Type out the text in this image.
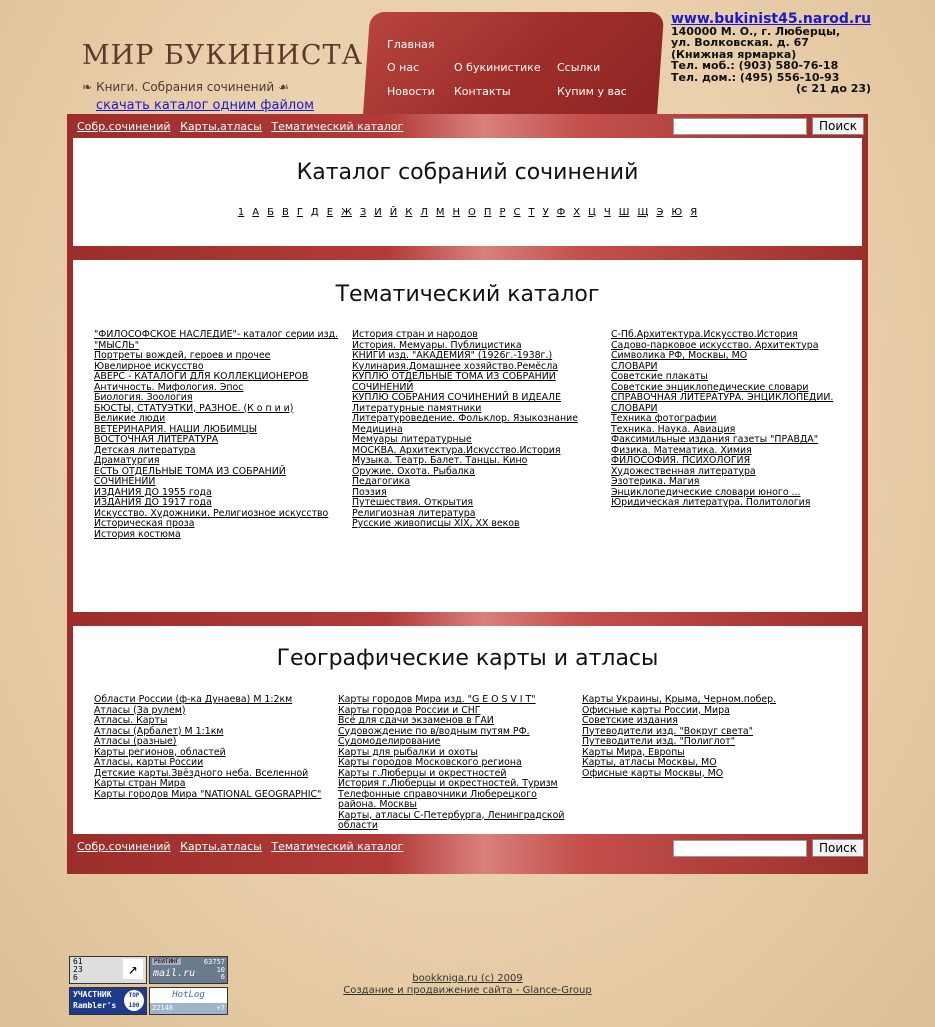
МИР БУКИНИСТА
❧ Книги. Собрания сочинений ☙
скачать каталог одним файлом
Главная
О нас	О букинистике Ссылки
Новости Контакты	Купим у вас
www.bukinist45.narod.ru
140000 М. О., г. Люберцы,
ул. Волковская. д. 67
(Книжная ярмарка)
Тел. моб.: (903) 580-76-18
Тел. дом.: (495) 556-10-93

(с 21 до 23)
Собр.сочинений Карты,атласы Тематический каталог	Поиск
Каталог собраний сочинений
1 А Б В Г Д Е Ж З И Й К Л М Н О П Р С Т У Ф Х Ц Ч Ш Щ Э Ю Я
Тематический каталог
"ФИЛОСОФСКОЕ НАСЛЕДИЕ"- каталог серии изд. "МЫСЛЬ"
Портреты вождей, героев и прочее
Ювелирное искусство
АВЕРС - КАТАЛОГИ ДЛЯ КОЛЛЕКЦИОНЕРОВ
Античность. Мифология. Эпос
Биология. Зоология
БЮСТЫ, СТАТУЭТКИ, РАЗНОЕ. (К о п и и)
Великие люди
ВЕТЕРИНАРИЯ. НАШИ ЛЮБИМЦЫ
ВОСТОЧНАЯ ЛИТЕРАТУРА
Детская литература
Драматургия
ЕСТЬ ОТДЕЛЬНЫЕ ТОМА ИЗ СОБРАНИЙ СОЧИНЕНИЙ
ИЗДАНИЯ ДО 1955 года
ИЗДАНИЯ ДО 1917 года
Искусство. Художники. Религиозное искусство
Историческая проза
История костюма
История стран и народов
История. Мемуары. Публицистика
КНИГИ изд. "АКАДЕМИЯ" (1926г.-1938г.)
Кулинария.Домашнее хозяйство.Ремёсла
КУПЛЮ ОТДЕЛЬНЫЕ ТОМА ИЗ СОБРАНИЙ СОЧИНЕНИЙ
КУПЛЮ СОБРАНИЯ СОЧИНЕНИЙ В ИДЕАЛЕ
Литературные памятники
Литературоведение. Фольклор. Языкознание
Медицина
Мемуары литературные
МОСКВА. Архитектура.Искусство.История
Музыка. Театр. Балет. Танцы. Кино
Оружие. Охота. Рыбалка
Педагогика
Поэзия
Путешествия. Открытия
Религиозная литература
Русские живописцы XIX, XX веков
С-Пб.Архитектура.Искусство.История
Садово-парковое искусство. Архитектура
Символика РФ, Москвы, МО
СЛОВАРИ
Советские плакаты
Советские энциклопедические словари
СПРАВОЧНАЯ ЛИТЕРАТУРА. ЭНЦИКЛОПЕДИИ. СЛОВАРИ
Техника фотографии
Техника. Наука. Авиация
Факсимильные издания газеты "ПРАВДА"
Физика. Математика. Химия
ФИЛОСОФИЯ. ПСИХОЛОГИЯ
Художественная литература
Эзотерика. Магия
Энциклопедические словари юного ...
Юридическая литература. Политология
Географические карты и атласы
Области России (ф-ка Дунаева) М 1:2км
Атласы (За рулем)
Атласы. Карты
Атласы (Арбалет) М 1:1км
Атласы (разные)
Карты регионов, областей
Атласы, карты России
Детские карты.Звёздного неба. Вселенной
Карты стран Мира
Карты городов Мира "NATIONAL GEOGRAPHIC"
Карты городов Мира изд. "G E O S V I T"
Карты городов России и СНГ
Всё для сдачи экзаменов в ГАИ
Судовождение по в/водным путям РФ.
Судомоделирование
Карты для рыбалки и охоты
Карты городов Московского региона
Карты г.Люберцы и окрестностей
История г.Люберцы и окрестностей. Туризм
Телефонные справочники Люберецкого района. Москвы
Карты, атласы С-Петербурга, Ленинградской области
Карты Украины, Крыма, Черном.побер.
Офисные карты России, Мира
Советские издания
Путеводители изд. "Вокруг света"
Путеводители изд. "Полиглот"
Карты Мира, Европы
Карты, атласы Москвы, МО
Офисные карты Москвы, МО
Собр.сочинений Карты,атласы Тематический каталог	Поиск
61
23
6	↗	РЕЙТИНГ	63757
mail.ru	10
6
УЧАСТНИК
Rambler's
TOP 100
HotLog
22146	+7
bookkniga.ru (c) 2009
Создание и продвижение сайта - Glance-Group
